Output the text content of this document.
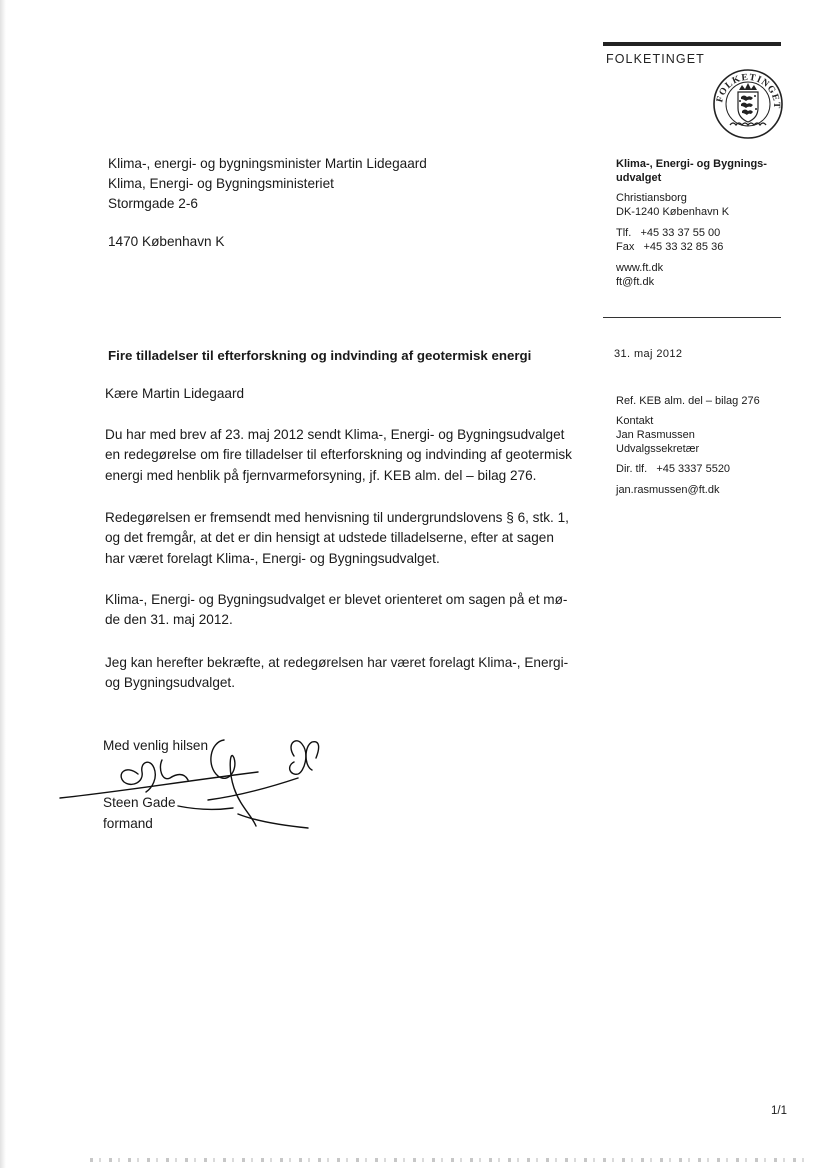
FOLKETINGET
FOLKETINGET
Klima-, energi- og bygningsminister Martin Lidegaard
Klima, Energi- og Bygningsministeriet
Stormgade 2-6
1470 København K
Klima-, Energi- og Bygnings-
udvalget
Christiansborg
DK-1240 København K
Tlf.   +45 33 37 55 00
Fax   +45 33 32 85 36
www.ft.dk
ft@ft.dk
31. maj 2012
Ref. KEB alm. del – bilag 276
Kontakt
Jan Rasmussen
Udvalgssekretær
Dir. tlf.   +45 3337 5520
jan.rasmussen@ft.dk
Fire tilladelser til efterforskning og indvinding af geotermisk energi
Kære Martin Lidegaard
Du har med brev af 23. maj 2012 sendt Klima-, Energi- og Bygningsudvalget
en redegørelse om fire tilladelser til efterforskning og indvinding af geotermisk
energi med henblik på fjernvarmeforsyning, jf. KEB alm. del – bilag 276.
Redegørelsen er fremsendt med henvisning til undergrundslovens § 6, stk. 1,
og det fremgår, at det er din hensigt at udstede tilladelserne, efter at sagen
har været forelagt Klima-, Energi- og Bygningsudvalget.
Klima-, Energi- og Bygningsudvalget er blevet orienteret om sagen på et mø-
de den 31. maj 2012.
Jeg kan herefter bekræfte, at redegørelsen har været forelagt Klima-, Energi-
og Bygningsudvalget.
Med venlig hilsen
Steen Gade
formand
1/1
